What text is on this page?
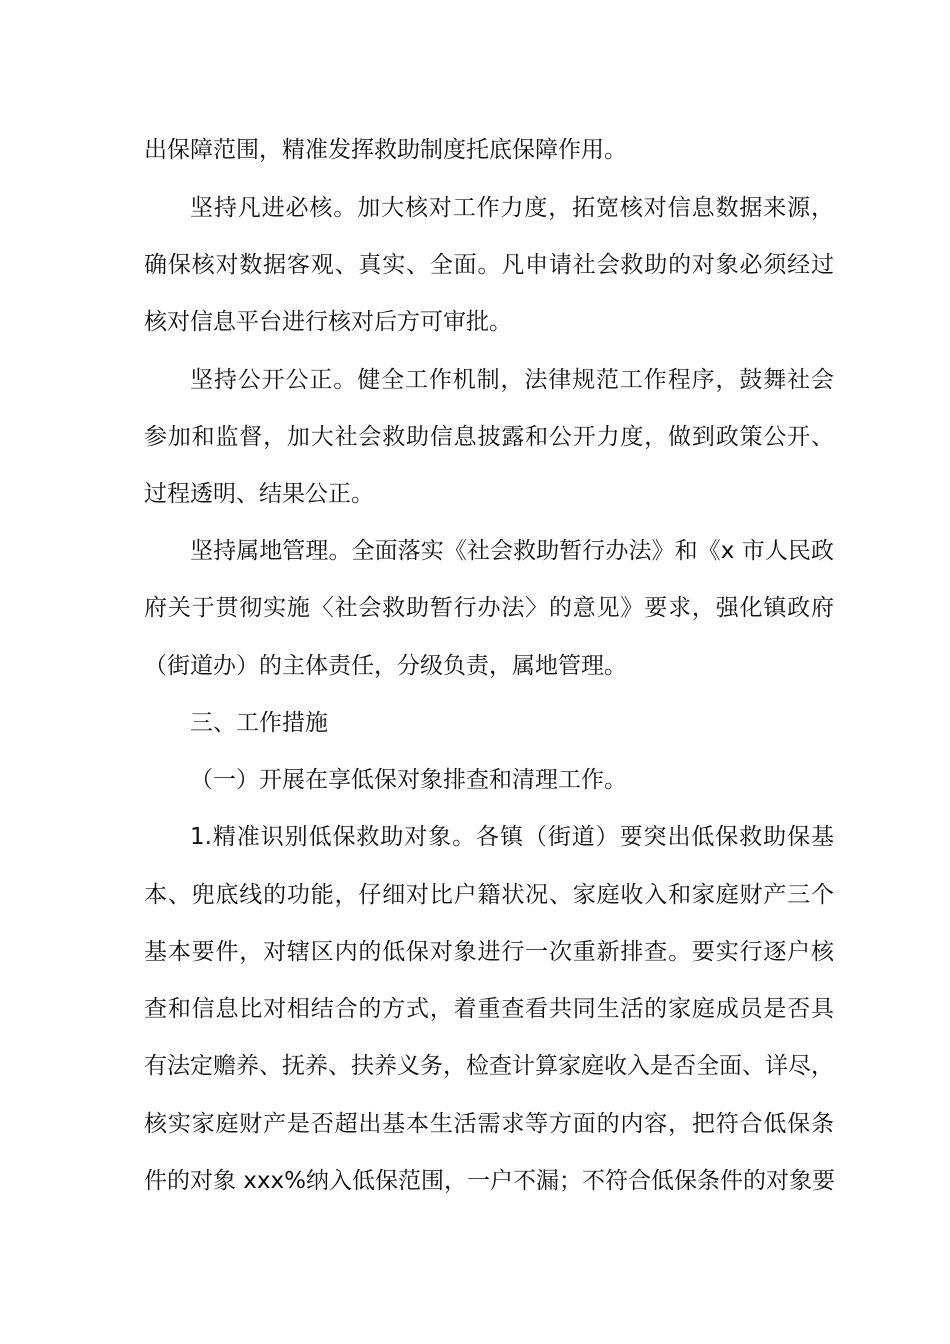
出保障范围，精准发挥救助制度托底保障作用。
坚持凡进必核。加大核对工作力度，拓宽核对信息数据来源，
确保核对数据客观、真实、全面。凡申请社会救助的对象必须经过
核对信息平台进行核对后方可审批。
坚持公开公正。健全工作机制，法律规范工作程序，鼓舞社会
参加和监督，加大社会救助信息披露和公开力度，做到政策公开、
过程透明、结果公正。
坚持属地管理。全面落实《社会救助暂行办法》和《x 市人民政
府关于贯彻实施〈社会救助暂行办法〉的意见》要求，强化镇政府
（街道办）的主体责任，分级负责，属地管理。
三、工作措施
（一）开展在享低保对象排查和清理工作。
1.精准识别低保救助对象。各镇（街道）要突出低保救助保基
本、兜底线的功能，仔细对比户籍状况、家庭收入和家庭财产三个
基本要件，对辖区内的低保对象进行一次重新排查。要实行逐户核
查和信息比对相结合的方式，着重查看共同生活的家庭成员是否具
有法定赡养、抚养、扶养义务，检查计算家庭收入是否全面、详尽，
核实家庭财产是否超出基本生活需求等方面的内容，把符合低保条
件的对象 xxx%纳入低保范围，一户不漏；不符合低保条件的对象要
